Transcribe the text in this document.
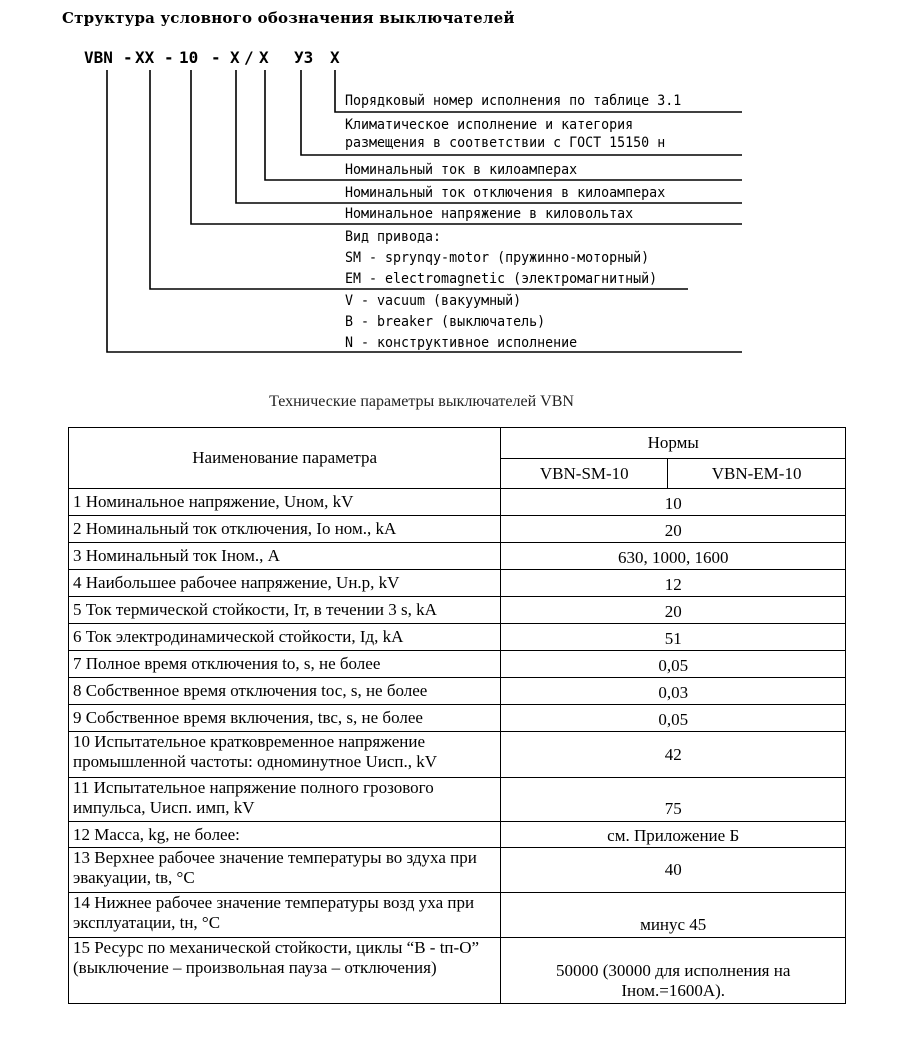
Структура условного обозначения выключателей
VBN - XX - 10 - X / X УЗ X
Порядковый номер исполнения по таблице 3.1
Климатическое исполнение и категория
размещения в соответствии с ГОСТ 15150 н
Номинальный ток в килоамперах
Номинальный ток отключения в килоамперах
Номинальное напряжение в киловольтах
Вид привода:
SM - sprynqy-motor (пружинно-моторный)
EM - electromagnetic (электромагнитный)
V - vacuum (вакуумный)
B - breaker (выключатель)
N - конструктивное исполнение
Технические параметры выключателей VBN
Наименование параметра	Нормы	
	VBN-SM-10	VBN-EM-10
1 Номинальное напряжение, Uном, kV	10	
2 Номинальный ток отключения, Iо ном., kA	20	
3 Номинальный ток Iном., А	630, 1000, 1600	
4 Наибольшее рабочее напряжение, Uн.р, kV	12	
5 Ток термической стойкости, Iт, в течении 3 s, kA	20	
6 Ток электродинамической стойкости, Iд, kA	51	
7 Полное время отключения to, s, не более	0,05	
8 Собственное время отключения tос, s, не более	0,03	
9 Собственное время включения, tвс, s, не более	0,05	
10 Испытательное кратковременное напряжение промышленной частоты: одноминутное Uисп., kV	42	
11 Испытательное напряжение полного грозового импульса, Uисп. имп, kV	75	
12 Масса, kg, не более:	см. Приложение Б	
13 Верхнее рабочее значение температуры во здуха при эвакуации, tв, °С	40	
14 Нижнее рабочее значение температуры возд уха при эксплуатации, tн, °С	минус 45	
15 Ресурс по механической стойкости, циклы “В - tп-О” (выключение – произвольная пауза – отключения)	50000 (30000 для исполнения на Iном.=1600А).	
